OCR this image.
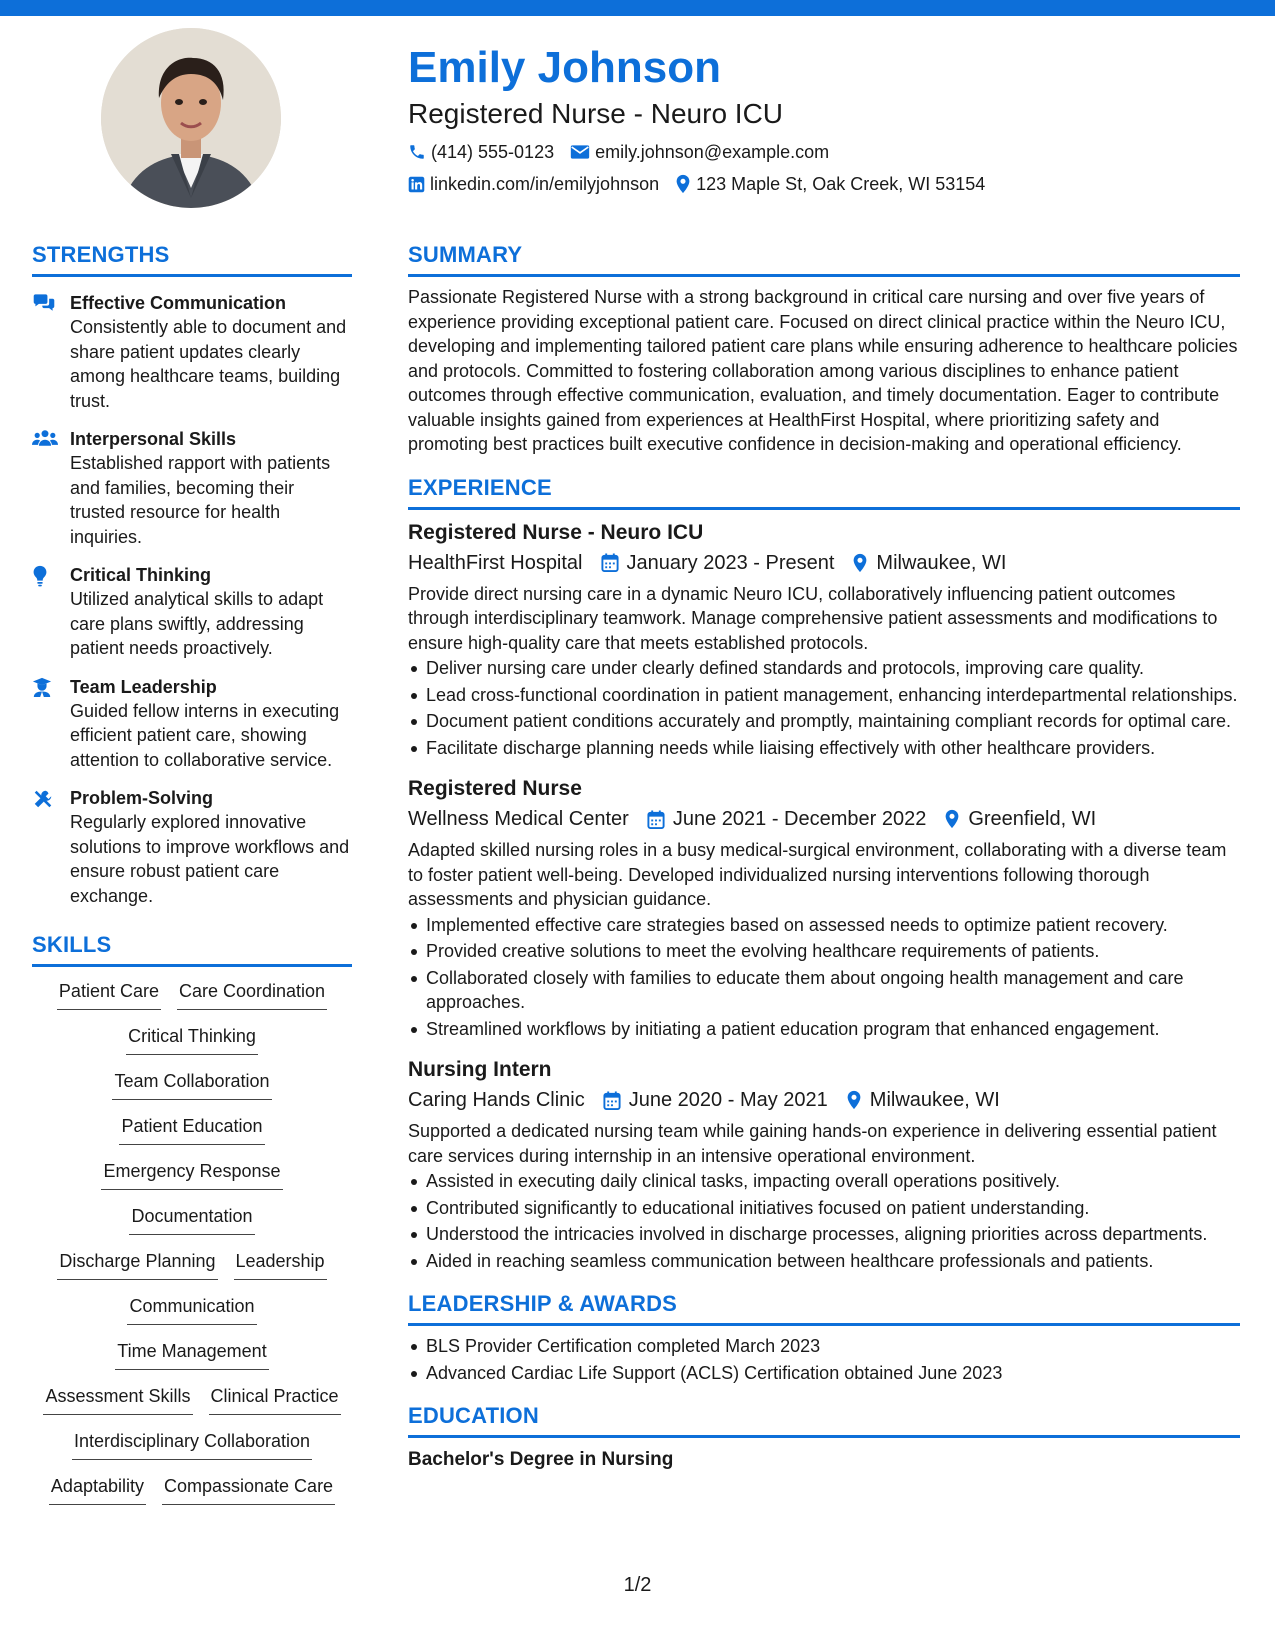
Emily Johnson
Registered Nurse - Neuro ICU
(414) 555-0123 emily.johnson@example.com
linkedin.com/in/emilyjohnson 123 Maple St, Oak Creek, WI 53154
STRENGTHS
Effective Communication
Consistently able to document and share patient updates clearly among healthcare teams, building trust.
Interpersonal Skills
Established rapport with patients and families, becoming their trusted resource for health inquiries.
Critical Thinking
Utilized analytical skills to adapt care plans swiftly, addressing patient needs proactively.
Team Leadership
Guided fellow interns in executing efficient patient care, showing attention to collaborative service.
Problem-Solving
Regularly explored innovative solutions to improve workflows and ensure robust patient care exchange.
SKILLS
Patient Care Care Coordination
Critical Thinking
Team Collaboration
Patient Education
Emergency Response
Documentation
Discharge Planning Leadership
Communication
Time Management
Assessment Skills Clinical Practice
Interdisciplinary Collaboration
Adaptability Compassionate Care
SUMMARY
Passionate Registered Nurse with a strong background in critical care nursing and over five years of experience providing exceptional patient care. Focused on direct clinical practice within the Neuro ICU, developing and implementing tailored patient care plans while ensuring adherence to healthcare policies and protocols. Committed to fostering collaboration among various disciplines to enhance patient outcomes through effective communication, evaluation, and timely documentation. Eager to contribute valuable insights gained from experiences at HealthFirst Hospital, where prioritizing safety and promoting best practices built executive confidence in decision-making and operational efficiency.
EXPERIENCE
Registered Nurse - Neuro ICU
HealthFirst Hospital January 2023 - Present Milwaukee, WI
Provide direct nursing care in a dynamic Neuro ICU, collaboratively influencing patient outcomes through interdisciplinary teamwork. Manage comprehensive patient assessments and modifications to ensure high-quality care that meets established protocols.
Deliver nursing care under clearly defined standards and protocols, improving care quality.
Lead cross-functional coordination in patient management, enhancing interdepartmental relationships.
Document patient conditions accurately and promptly, maintaining compliant records for optimal care.
Facilitate discharge planning needs while liaising effectively with other healthcare providers.
Registered Nurse
Wellness Medical Center June 2021 - December 2022 Greenfield, WI
Adapted skilled nursing roles in a busy medical-surgical environment, collaborating with a diverse team to foster patient well-being. Developed individualized nursing interventions following thorough assessments and physician guidance.
Implemented effective care strategies based on assessed needs to optimize patient recovery.
Provided creative solutions to meet the evolving healthcare requirements of patients.
Collaborated closely with families to educate them about ongoing health management and care approaches.
Streamlined workflows by initiating a patient education program that enhanced engagement.
Nursing Intern
Caring Hands Clinic June 2020 - May 2021 Milwaukee, WI
Supported a dedicated nursing team while gaining hands-on experience in delivering essential patient care services during internship in an intensive operational environment.
Assisted in executing daily clinical tasks, impacting overall operations positively.
Contributed significantly to educational initiatives focused on patient understanding.
Understood the intricacies involved in discharge processes, aligning priorities across departments.
Aided in reaching seamless communication between healthcare professionals and patients.
LEADERSHIP & AWARDS
BLS Provider Certification completed March 2023
Advanced Cardiac Life Support (ACLS) Certification obtained June 2023
EDUCATION
Bachelor's Degree in Nursing
1/2
